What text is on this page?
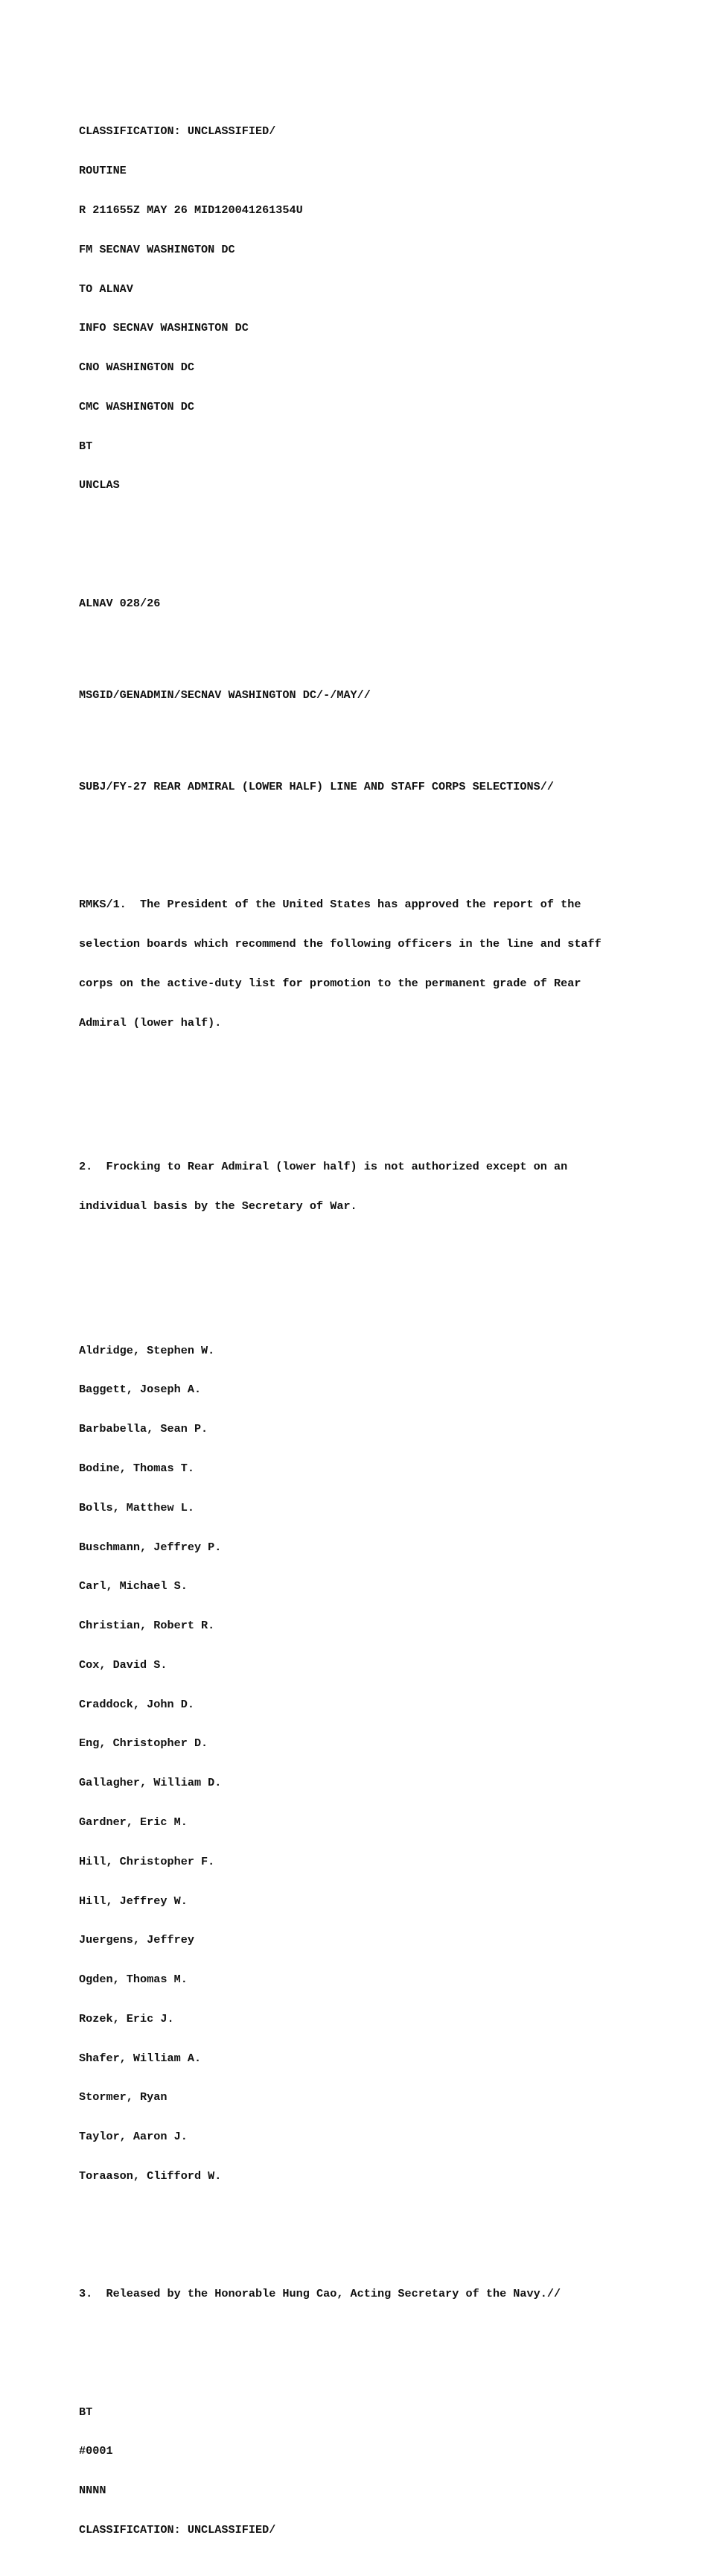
CLASSIFICATION: UNCLASSIFIED/

ROUTINE

R 211655Z MAY 26 MID120041261354U

FM SECNAV WASHINGTON DC

TO ALNAV

INFO SECNAV WASHINGTON DC

CNO WASHINGTON DC

CMC WASHINGTON DC

BT

UNCLAS

ALNAV 028/26

MSGID/GENADMIN/SECNAV WASHINGTON DC/-/MAY//

SUBJ/FY-27 REAR ADMIRAL (LOWER HALF) LINE AND STAFF CORPS SELECTIONS//

RMKS/1.  The President of the United States has approved the report of the

selection boards which recommend the following officers in the line and staff

corps on the active-duty list for promotion to the permanent grade of Rear

Admiral (lower half).

2.  Frocking to Rear Admiral (lower half) is not authorized except on an

individual basis by the Secretary of War.

Aldridge, Stephen W.

Baggett, Joseph A.

Barbabella, Sean P.

Bodine, Thomas T.

Bolls, Matthew L.

Buschmann, Jeffrey P.

Carl, Michael S.

Christian, Robert R.

Cox, David S.

Craddock, John D.

Eng, Christopher D.

Gallagher, William D.

Gardner, Eric M.

Hill, Christopher F.

Hill, Jeffrey W.

Juergens, Jeffrey

Ogden, Thomas M.

Rozek, Eric J.

Shafer, William A.

Stormer, Ryan

Taylor, Aaron J.

Toraason, Clifford W.

3.  Released by the Honorable Hung Cao, Acting Secretary of the Navy.//

BT

#0001

NNNN

CLASSIFICATION: UNCLASSIFIED/
